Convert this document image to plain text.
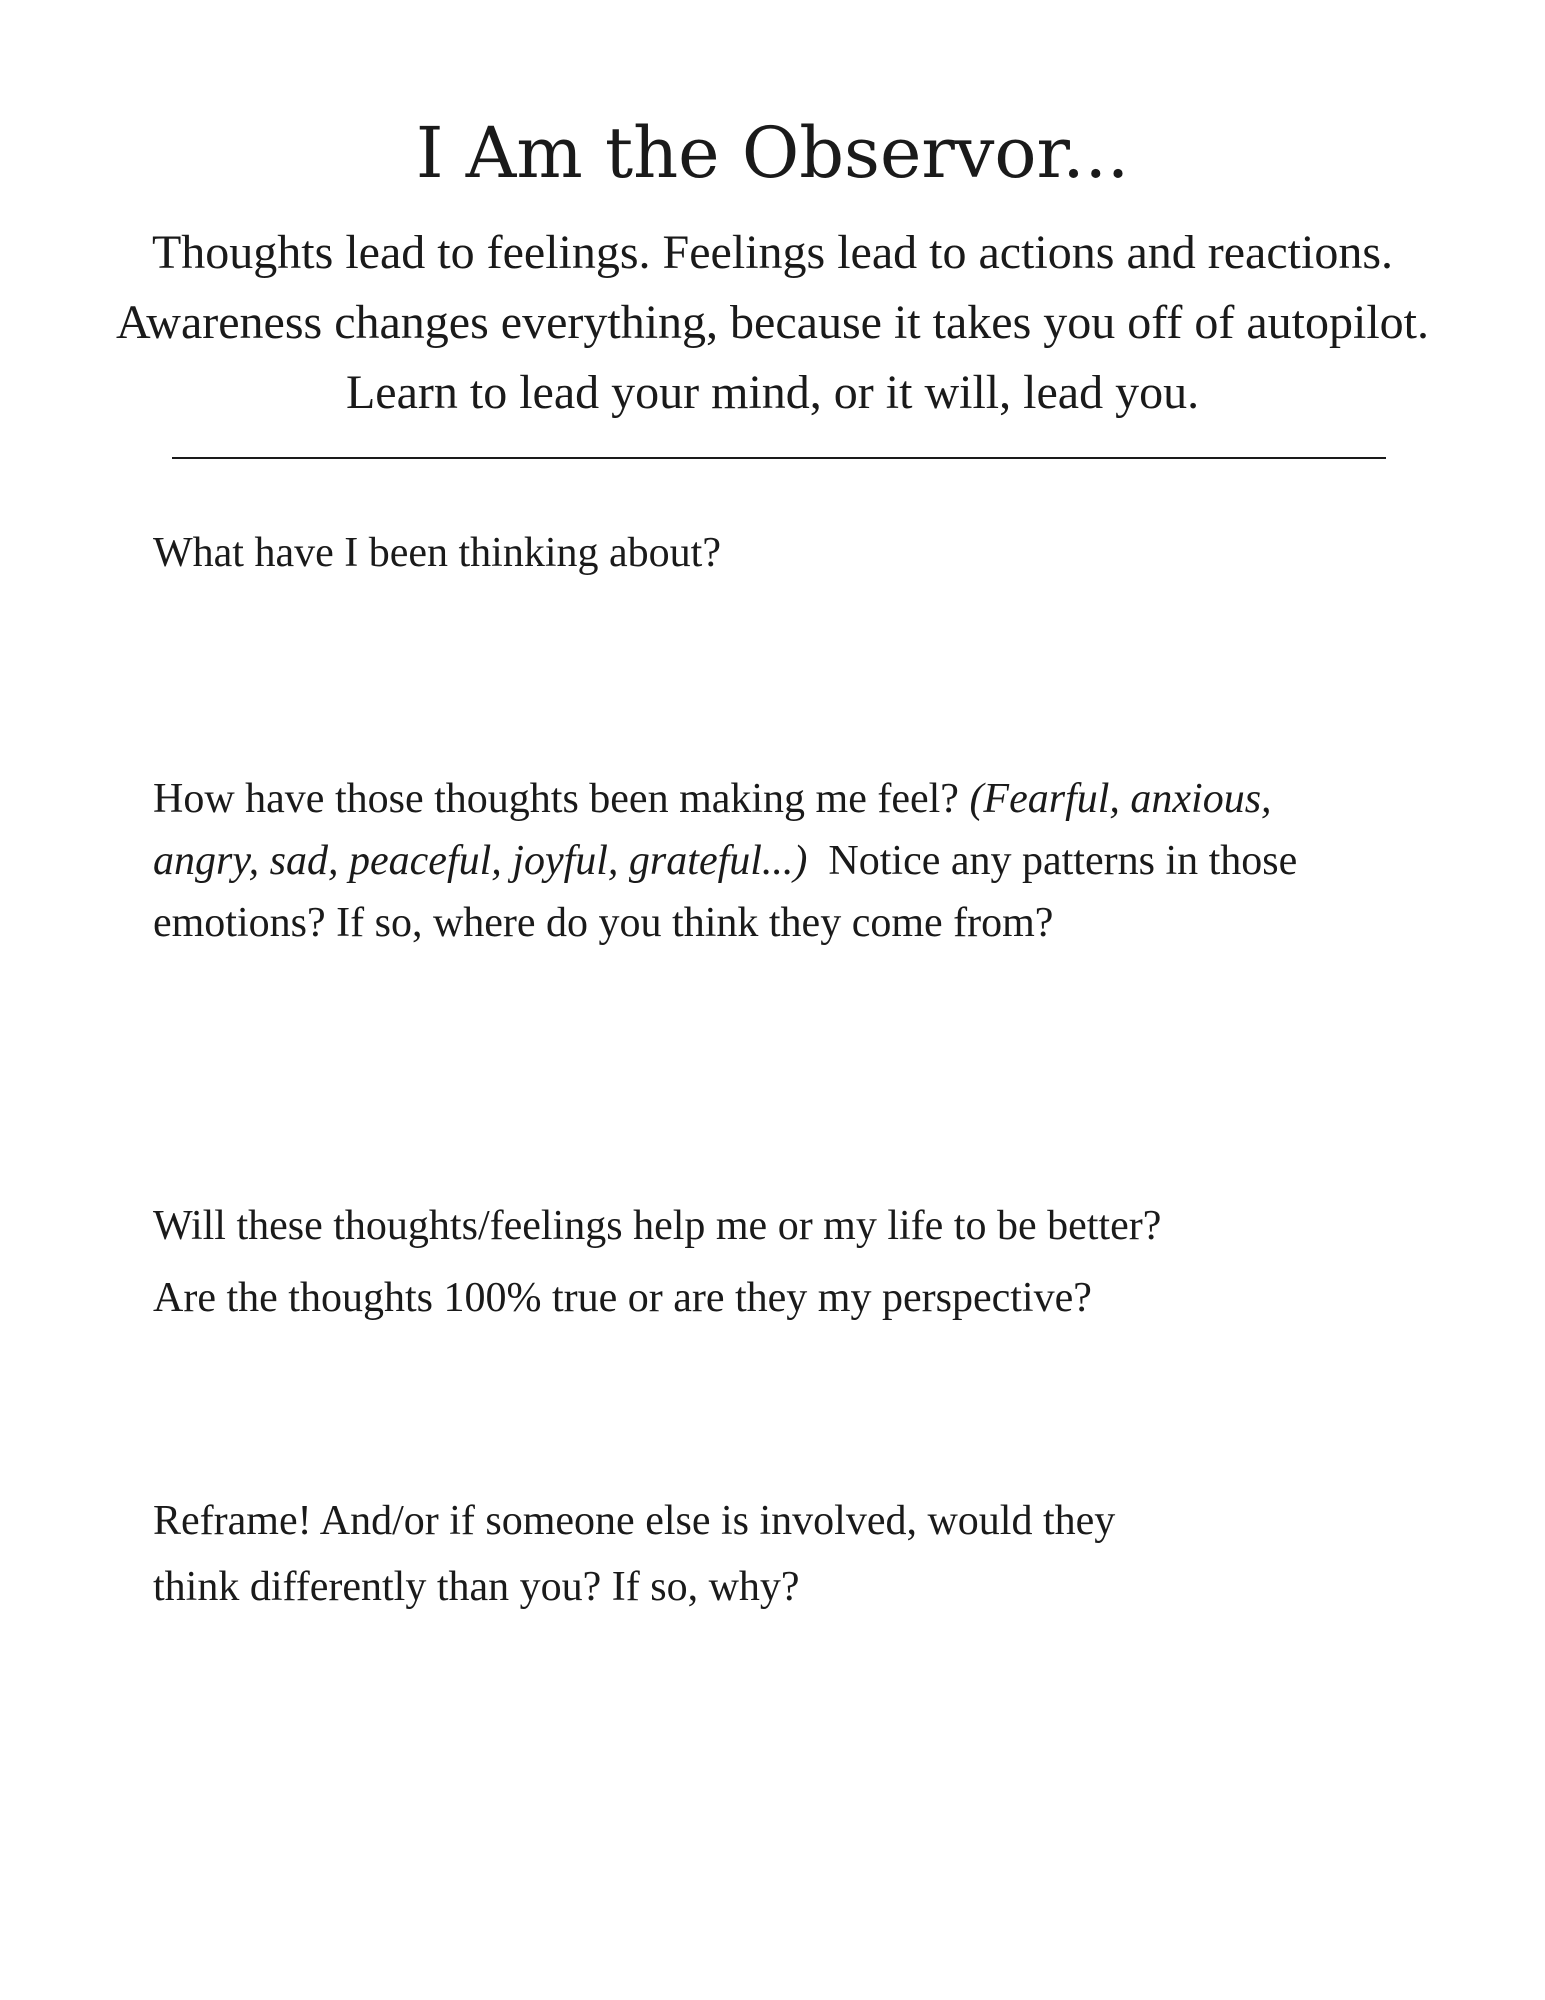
I Am the Observor...
Thoughts lead to feelings. Feelings lead to actions and reactions.
Awareness changes everything, because it takes you off of autopilot.
Learn to lead your mind, or it will, lead you.
What have I been thinking about?
How have those thoughts been making me feel? (Fearful, anxious,
angry, sad, peaceful, joyful, grateful...)  Notice any patterns in those
emotions? If so, where do you think they come from?
Will these thoughts/feelings help me or my life to be better?
Are the thoughts 100% true or are they my perspective?
Reframe! And/or if someone else is involved, would they
think differently than you? If so, why?
